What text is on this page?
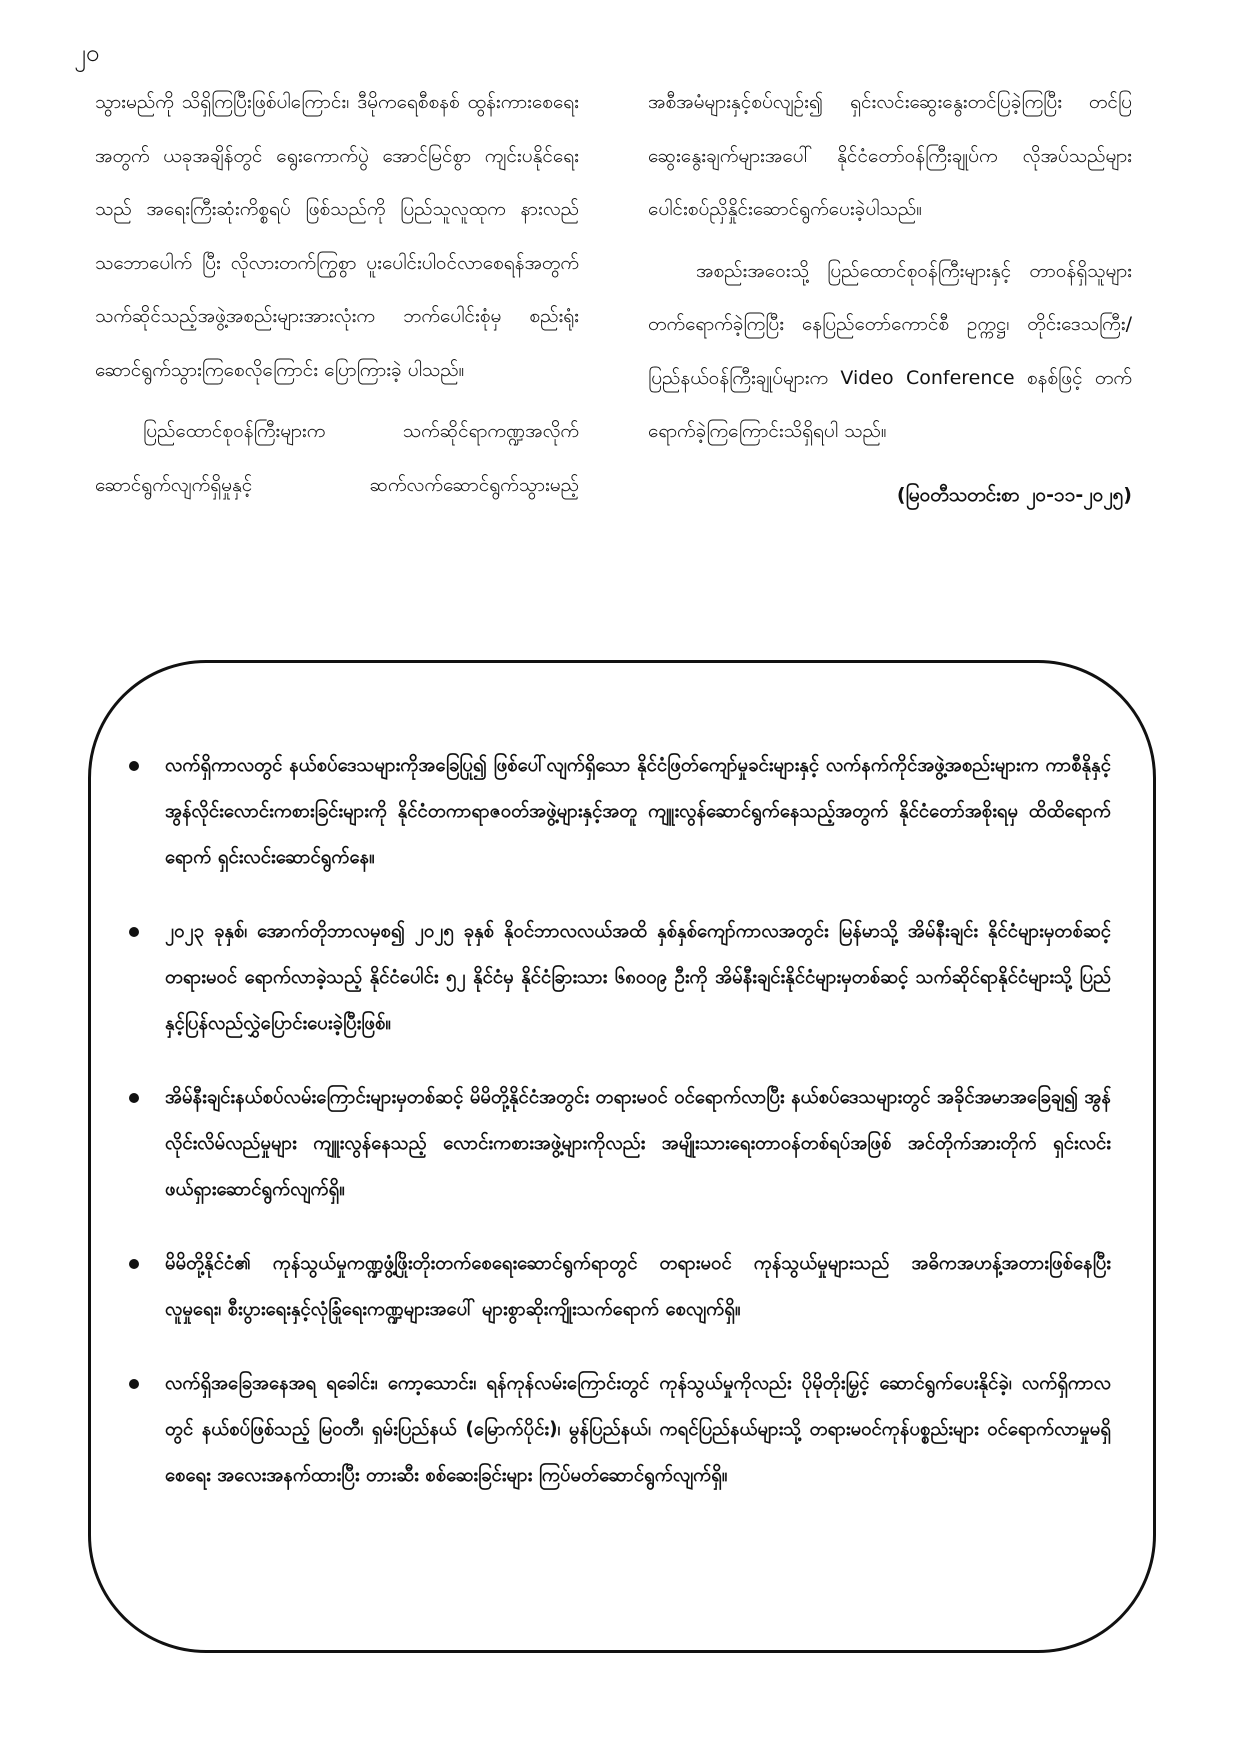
၂၀

သွားမည်ကို သိရှိကြပြီးဖြစ်ပါကြောင်း၊ ဒီမိုကရေစီစနစ် ထွန်းကားစေရေးအတွက် ယခုအချိန်တွင် ရွေးကောက်ပွဲ အောင်မြင်စွာ ကျင်းပနိုင်ရေးသည် အရေးကြီးဆုံးကိစ္စရပ် ဖြစ်သည်ကို ပြည်သူလူထုက နားလည်သဘောပေါက် ပြီး လိုလားတက်ကြွစွာ ပူးပေါင်းပါဝင်လာစေရန်အတွက် သက်ဆိုင်သည့်အဖွဲ့အစည်းများအားလုံးက ဘက်ပေါင်းစုံမှ စည်းရုံးဆောင်ရွက်သွားကြစေလိုကြောင်း ပြောကြားခဲ့ ပါသည်။

ပြည်ထောင်စုဝန်ကြီးများက သက်ဆိုင်ရာကဏ္ဍအလိုက် ဆောင်ရွက်လျက်ရှိမှုနှင့် ဆက်လက်ဆောင်ရွက်သွားမည့်

အစီအမံများနှင့်စပ်လျဉ်း၍ ရှင်းလင်းဆွေးနွေးတင်ပြခဲ့ကြပြီး တင်ပြဆွေးနွေးချက်များအပေါ် နိုင်ငံတော်ဝန်ကြီးချုပ်က လိုအပ်သည်များ ပေါင်းစပ်ညှိနှိုင်းဆောင်ရွက်ပေးခဲ့ပါသည်။

အစည်းအဝေးသို့ ပြည်ထောင်စုဝန်ကြီးများနှင့် တာဝန်ရှိသူများ တက်ရောက်ခဲ့ကြပြီး နေပြည်တော်ကောင်စီ ဥက္ကဋ္ဌ၊ တိုင်းဒေသကြီး/ ပြည်နယ်ဝန်ကြီးချုပ်များက Video Conference စနစ်ဖြင့် တက်ရောက်ခဲ့ကြကြောင်းသိရှိရပါ သည်။

(မြဝတီသတင်းစာ ၂၀-၁၁-၂၀၂၅)

လက်ရှိကာလတွင် နယ်စပ်ဒေသများကိုအခြေပြု၍ ဖြစ်ပေါ်လျက်ရှိသော နိုင်ငံဖြတ်ကျော်မှုခင်းများနှင့် လက်နက်ကိုင်အဖွဲ့အစည်းများက ကာစီနိုနှင့် အွန်လိုင်းလောင်းကစားခြင်းများကို နိုင်ငံတကာရာဇဝတ်အဖွဲ့များနှင့်အတူ ကျူးလွန်ဆောင်ရွက်နေသည့်အတွက် နိုင်ငံတော်အစိုးရမှ ထိထိရောက်ရောက် ရှင်းလင်းဆောင်ရွက်နေ။
၂၀၂၃ ခုနှစ်၊ အောက်တိုဘာလမှစ၍ ၂၀၂၅ ခုနှစ် နိုဝင်ဘာလလယ်အထိ နှစ်နှစ်ကျော်ကာလအတွင်း မြန်မာသို့ အိမ်နီးချင်း နိုင်ငံများမှတစ်ဆင့် တရားမဝင် ရောက်လာခဲ့သည့် နိုင်ငံပေါင်း ၅၂ နိုင်ငံမှ နိုင်ငံခြားသား ၆၈၀၀၉ ဦးကို အိမ်နီးချင်းနိုင်ငံများမှတစ်ဆင့် သက်ဆိုင်ရာနိုင်ငံများသို့ ပြည်နှင့်ပြန်လည်လွှဲပြောင်းပေးခဲ့ပြီးဖြစ်။
အိမ်နီးချင်းနယ်စပ်လမ်းကြောင်းများမှတစ်ဆင့် မိမိတို့နိုင်ငံအတွင်း တရားမဝင် ဝင်ရောက်လာပြီး နယ်စပ်ဒေသများတွင် အခိုင်အမာအခြေချ၍ အွန်လိုင်းလိမ်လည်မှုများ ကျူးလွန်နေသည့် လောင်းကစားအဖွဲ့များကိုလည်း အမျိုးသားရေးတာဝန်တစ်ရပ်အဖြစ် အင်တိုက်အားတိုက် ရှင်းလင်းဖယ်ရှားဆောင်ရွက်လျက်ရှိ။
မိမိတို့နိုင်ငံ၏ ကုန်သွယ်မှုကဏ္ဍဖွံ့ဖြိုးတိုးတက်စေရေးဆောင်ရွက်ရာတွင် တရားမဝင် ကုန်သွယ်မှုများသည် အဓိကအဟန့်အတားဖြစ်နေပြီး လူမှုရေး၊ စီးပွားရေးနှင့်လုံခြုံရေးကဏ္ဍများအပေါ် များစွာဆိုးကျိုးသက်ရောက် စေလျက်ရှိ။
လက်ရှိအခြေအနေအရ ရခေါင်း၊ ကော့သောင်း၊ ရန်ကုန်လမ်းကြောင်းတွင် ကုန်သွယ်မှုကိုလည်း ပိုမိုတိုးမြှင့် ဆောင်ရွက်ပေးနိုင်ခဲ့၊ လက်ရှိကာလတွင် နယ်စပ်ဖြစ်သည့် မြဝတီ၊ ရှမ်းပြည်နယ် (မြောက်ပိုင်း)၊ မွန်ပြည်နယ်၊ ကရင်ပြည်နယ်များသို့ တရားမဝင်ကုန်ပစ္စည်းများ ဝင်ရောက်လာမှုမရှိစေရေး အလေးအနက်ထားပြီး တားဆီး စစ်ဆေးခြင်းများ ကြပ်မတ်ဆောင်ရွက်လျက်ရှိ။
